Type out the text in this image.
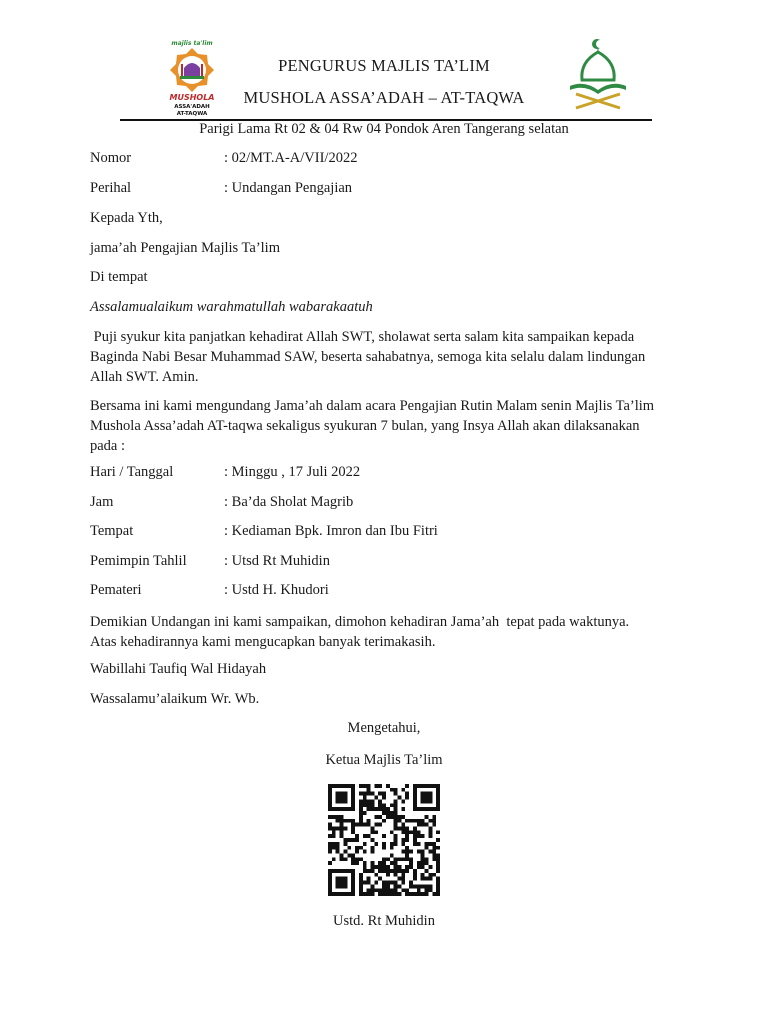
majlis ta'lim
MUSHOLA
ASSA'ADAH
AT-TAQWA
PENGURUS MAJLIS TA’LIM
MUSHOLA ASSA’ADAH – AT-TAQWA
Parigi Lama Rt 02 & 04 Rw 04 Pondok Aren Tangerang selatan
Nomor	: 02/MT.A-A/VII/2022
Perihal	: Undangan Pengajian
Kepada Yth,
jama’ah Pengajian Majlis Ta’lim
Di tempat
Assalamualaikum warahmatullah wabarakaatuh
Puji syukur kita panjatkan kehadirat Allah SWT, sholawat serta salam kita sampaikan kepada
Baginda Nabi Besar Muhammad SAW, beserta sahabatnya, semoga kita selalu dalam lindungan
Allah SWT. Amin.
Bersama ini kami mengundang Jama’ah dalam acara Pengajian Rutin Malam senin Majlis Ta’lim
Mushola Assa’adah AT-taqwa sekaligus syukuran 7 bulan, yang Insya Allah akan dilaksanakan
pada :
Hari / Tanggal	: Minggu , 17 Juli 2022
Jam	: Ba’da Sholat Magrib
Tempat	: Kediaman Bpk. Imron dan Ibu Fitri
Pemimpin Tahlil	: Utsd Rt Muhidin
Pemateri	: Ustd H. Khudori
Demikian Undangan ini kami sampaikan, dimohon kehadiran Jama’ah  tepat pada waktunya.
Atas kehadirannya kami mengucapkan banyak terimakasih.
Wabillahi Taufiq Wal Hidayah
Wassalamu’alaikum Wr. Wb.
Mengetahui,
Ketua Majlis Ta’lim
Ustd. Rt Muhidin
